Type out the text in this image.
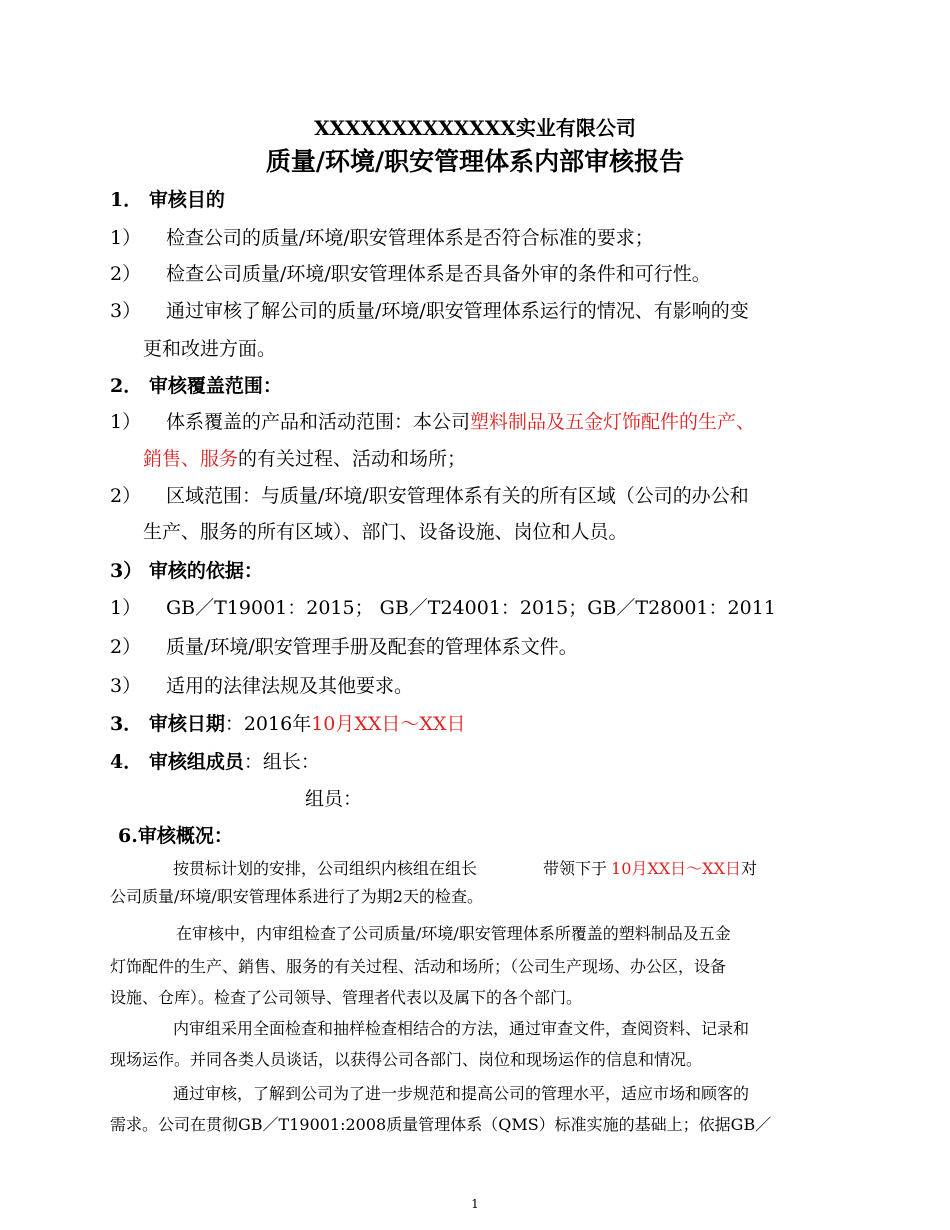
XXXXXXXXXXXXX实业有限公司
质量/环境/职安管理体系内部审核报告
1． 审核目的
1） 检查公司的质量/环境/职安管理体系是否符合标准的要求；
2） 检查公司质量/环境/职安管理体系是否具备外审的条件和可行性。
3） 通过审核了解公司的质量/环境/职安管理体系运行的情况、有影响的变
更和改进方面。
2． 审核覆盖范围：
1） 体系覆盖的产品和活动范围：本公司塑料制品及五金灯饰配件的生产、
銷售、服务的有关过程、活动和场所；
2） 区域范围：与质量/环境/职安管理体系有关的所有区域（公司的办公和
生产、服务的所有区域）、部门、设备设施、岗位和人员。
3） 审核的依据：
1） GB／T19001：2015； GB／T24001：2015；GB／T28001：2011
2） 质量/环境/职安管理手册及配套的管理体系文件。
3） 适用的法律法规及其他要求。
3． 审核日期：2016年10月XX日～XX日
4． 审核组成员：组长：
组员：
6.审核概况：
按贯标计划的安排，公司组织内核组在组长	带领下于 10月XX日～XX日对
公司质量/环境/职安管理体系进行了为期2天的检查。
在审核中，内审组检查了公司质量/环境/职安管理体系所覆盖的塑料制品及五金
灯饰配件的生产、銷售、服务的有关过程、活动和场所；（公司生产现场、办公区，设备
设施、仓库）。检查了公司领导、管理者代表以及属下的各个部门。
内审组采用全面检查和抽样检查相结合的方法，通过审查文件，查阅资料、记录和
现场运作。并同各类人员谈话，以获得公司各部门、岗位和现场运作的信息和情况。
通过审核，了解到公司为了进一步规范和提高公司的管理水平，适应市场和顾客的
需求。公司在贯彻GB／T19001:2008质量管理体系（QMS）标准实施的基础上；依据GB／
1
